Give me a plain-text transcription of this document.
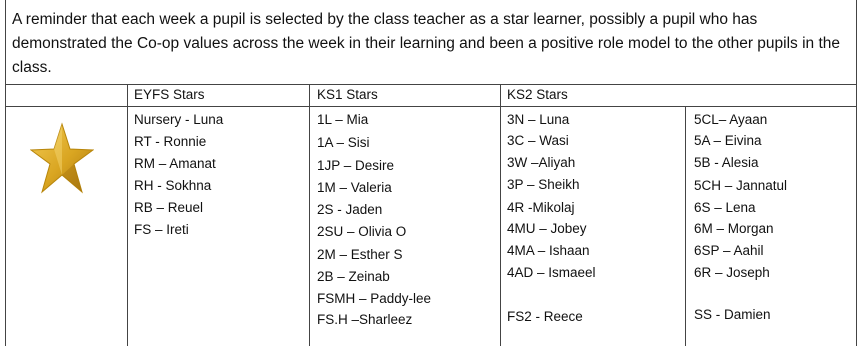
A reminder that each week a pupil is selected by the class teacher as a star learner, possibly a pupil who has demonstrated the Co-op values across the week in their learning and been a positive role model to the other pupils in the class.
EYFS Stars	KS1 Stars	KS2 Stars
Nursery - Luna
RT - Ronnie
RM – Amanat
RH - Sokhna
RB – Reuel
FS – Ireti
1L – Mia
1A – Sisi
1JP – Desire
1M – Valeria
2S - Jaden
2SU – Olivia O
2M – Esther S
2B – Zeinab
FSMH – Paddy-lee
FS.H –Sharleez
3N – Luna
3C – Wasi
3W –Aliyah
3P – Sheikh
4R -Mikolaj
4MU – Jobey
4MA – Ishaan
4AD – Ismaeel
FS2 - Reece
5CL– Ayaan
5A – Eivina
5B - Alesia
5CH – Jannatul
6S – Lena
6M – Morgan
6SP – Aahil
6R – Joseph
SS - Damien
